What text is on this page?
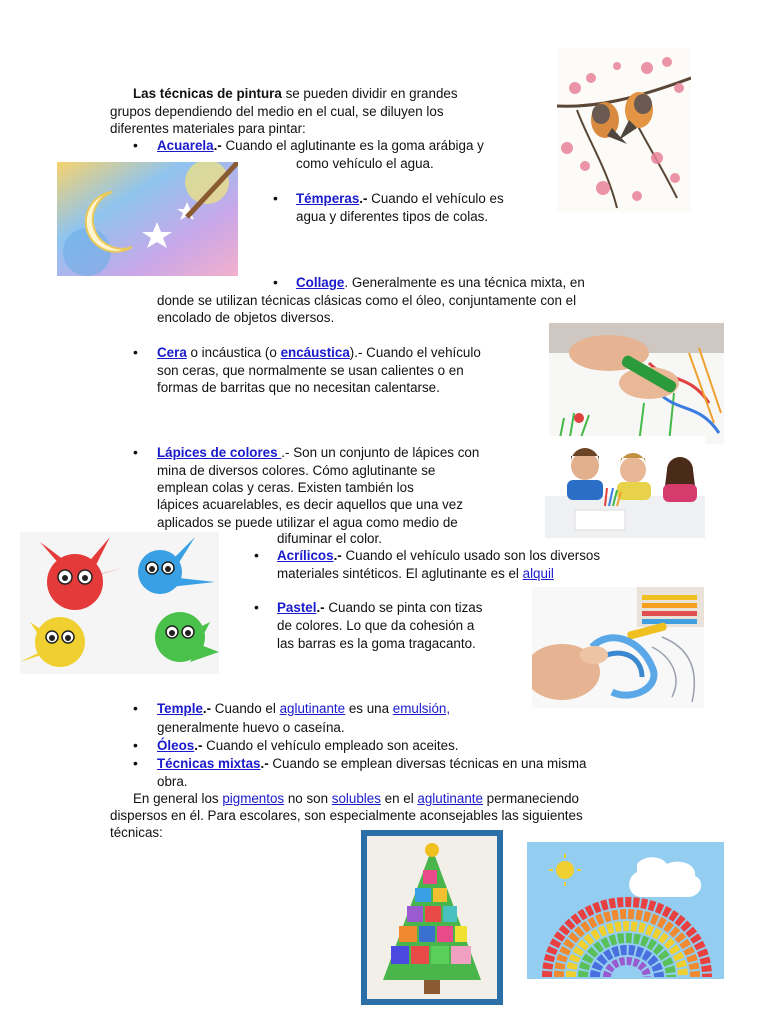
Las técnicas de pintura se pueden dividir en grandes
grupos dependiendo del medio en el cual, se diluyen los
diferentes materiales para pintar:
• Acuarela.- Cuando el aglutinante es la goma arábiga y
como vehículo el agua.
• Témperas.- Cuando el vehículo es
agua y diferentes tipos de colas.
• Collage. Generalmente es una técnica mixta, en
donde se utilizan técnicas clásicas como el óleo, conjuntamente con el
encolado de objetos diversos.
• Cera o incáustica (o encáustica).- Cuando el vehículo
son ceras, que normalmente se usan calientes o en
formas de barritas que no necesitan calentarse.
• Lápices de colores .- Son un conjunto de lápices con
mina de diversos colores. Cómo aglutinante se
emplean colas y ceras. Existen también los
lápices acuarelables, es decir aquellos que una vez
aplicados se puede utilizar el agua como medio de
difuminar el color.
• Acrílicos.- Cuando el vehículo usado son los diversos
materiales sintéticos. El aglutinante es el alquil
• Pastel.- Cuando se pinta con tizas
de colores. Lo que da cohesión a
las barras es la goma tragacanto.
• Temple.- Cuando el aglutinante es una emulsión,
generalmente huevo o caseína.
• Óleos.- Cuando el vehículo empleado son aceites.
• Técnicas mixtas.- Cuando se emplean diversas técnicas en una misma
obra.
En general los pigmentos no son solubles en el aglutinante permaneciendo
dispersos en él. Para escolares, son especialmente aconsejables las siguientes
técnicas:
